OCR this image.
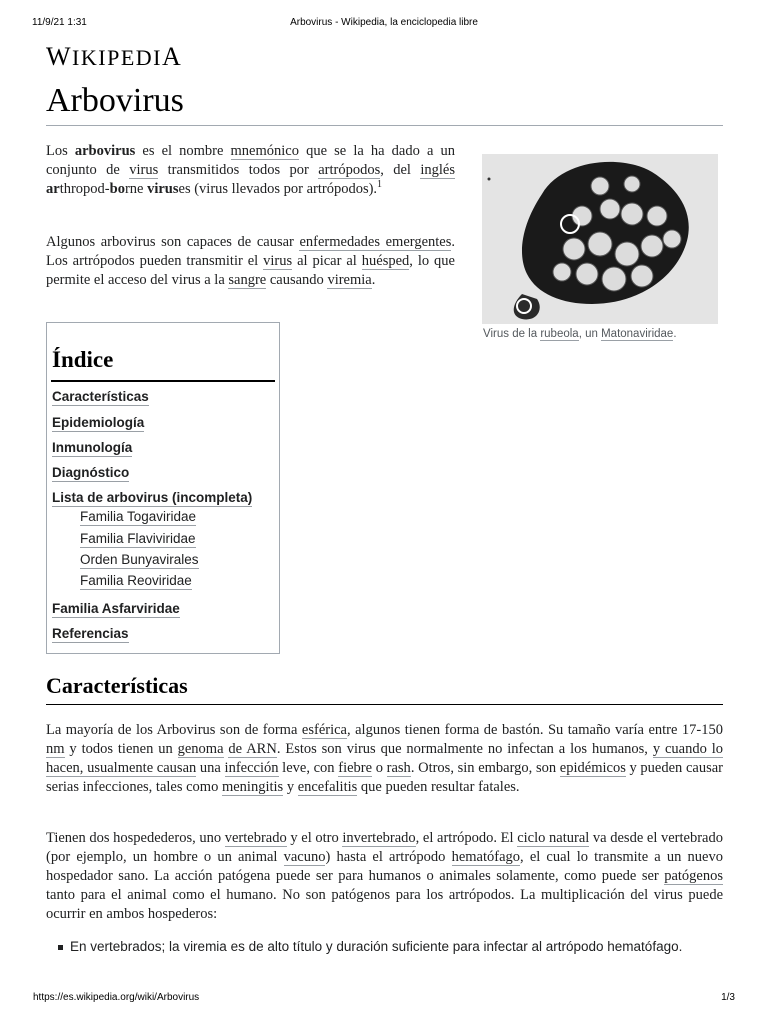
11/9/21 1:31	Arbovirus - Wikipedia, la enciclopedia libre
WIKIPEDIA
Arbovirus

Los arbovirus es el nombre mnemónico que se la ha dado a un conjunto de virus transmitidos todos por artrópodos, del inglés arthropod-borne viruses (virus llevados por artrópodos).$^1$

Algunos arbovirus son capaces de causar enfermedades emergentes. Los artrópodos pueden transmitir el virus al picar al huésped, lo que permite el acceso del virus a la sangre causando viremia.

Virus de la rubeola, un Matonaviridae.
Índice
Características
Epidemiología
Inmunología
Diagnóstico
Lista de arbovirus (incompleta)
Familia Togaviridae
Familia Flaviviridae
Orden Bunyavirales
Familia Reoviridae
Familia Asfarviridae
Referencias
Características

La mayoría de los Arbovirus son de forma esférica, algunos tienen forma de bastón. Su tamaño varía entre 17-150 nm y todos tienen un genoma de ARN. Estos son virus que normalmente no infectan a los humanos, y cuando lo hacen, usualmente causan una infección leve, con fiebre o rash. Otros, sin embargo, son epidémicos y pueden causar serias infecciones, tales como meningitis y encefalitis que pueden resultar fatales.

Tienen dos hospedederos, uno vertebrado y el otro invertebrado, el artrópodo. El ciclo natural va desde el vertebrado (por ejemplo, un hombre o un animal vacuno) hasta el artrópodo hematófago, el cual lo transmite a un nuevo hospedador sano. La acción patógena puede ser para humanos o animales solamente, como puede ser patógenos tanto para el animal como el humano. No son patógenos para los artrópodos. La multiplicación del virus puede ocurrir en ambos hospederos:

En vertebrados; la viremia es de alto título y duración suficiente para infectar al artrópodo hematófago.

https://es.wikipedia.org/wiki/Arbovirus	1/3
